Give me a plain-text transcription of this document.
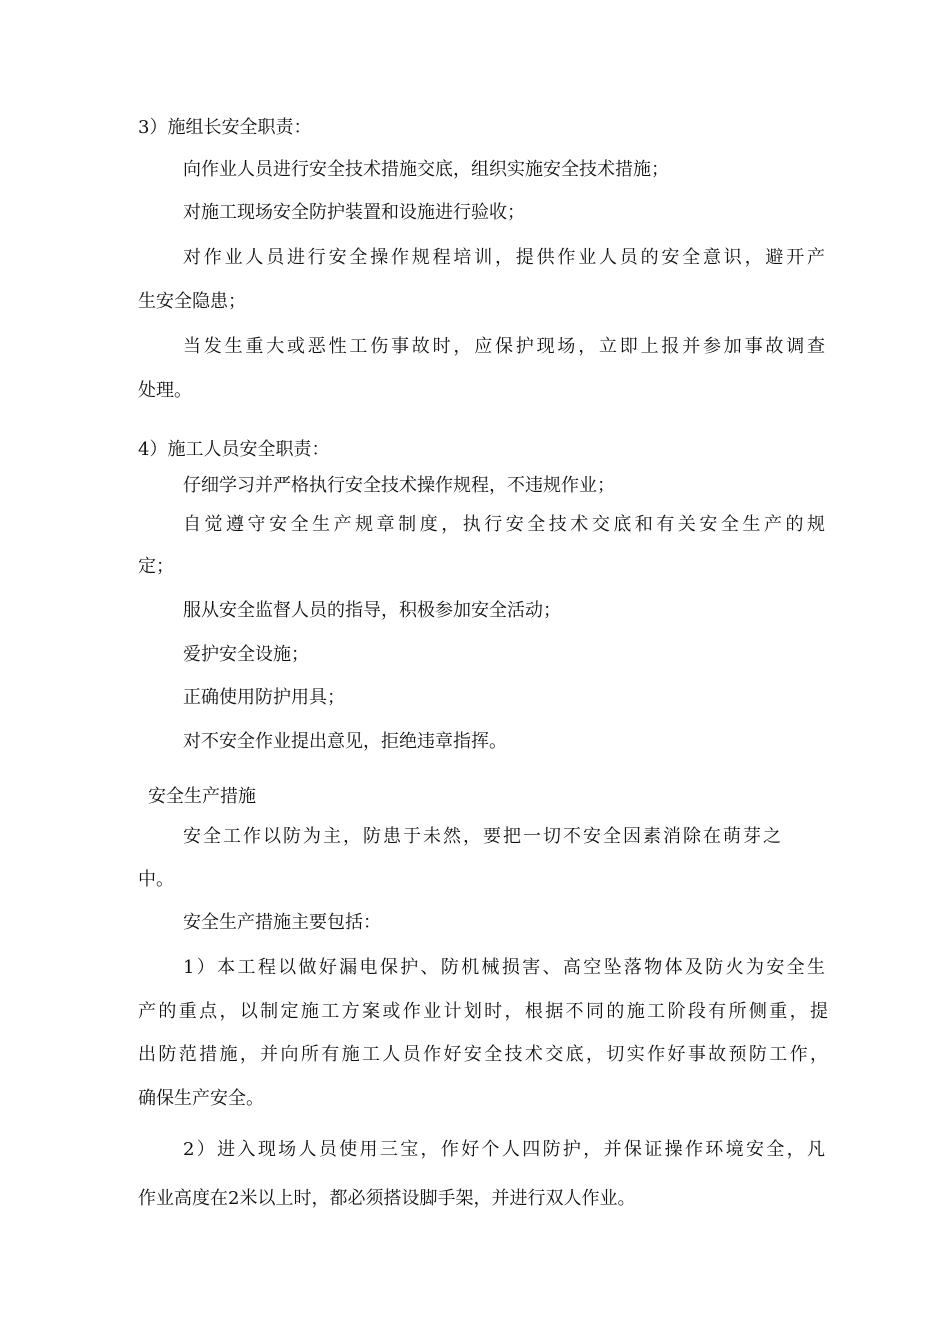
3）施组长安全职责：
向作业人员进行安全技术措施交底，组织实施安全技术措施；
对施工现场安全防护装置和设施进行验收；
对作业人员进行安全操作规程培训，提供作业人员的安全意识，避开产
生安全隐患；
当发生重大或恶性工伤事故时，应保护现场，立即上报并参加事故调查
处理。
4）施工人员安全职责：
仔细学习并严格执行安全技术操作规程，不违规作业；
自觉遵守安全生产规章制度，执行安全技术交底和有关安全生产的规
定；
服从安全监督人员的指导，积极参加安全活动；
爱护安全设施；
正确使用防护用具；
对不安全作业提出意见，拒绝违章指挥。
安全生产措施
安全工作以防为主，防患于未然，要把一切不安全因素消除在萌芽之
中。
安全生产措施主要包括：
1）本工程以做好漏电保护、防机械损害、高空坠落物体及防火为安全生
产的重点，以制定施工方案或作业计划时，根据不同的施工阶段有所侧重，提
出防范措施，并向所有施工人员作好安全技术交底，切实作好事故预防工作，
确保生产安全。
2）进入现场人员使用三宝，作好个人四防护，并保证操作环境安全，凡
作业高度在2米以上时，都必须搭设脚手架，并进行双人作业。
